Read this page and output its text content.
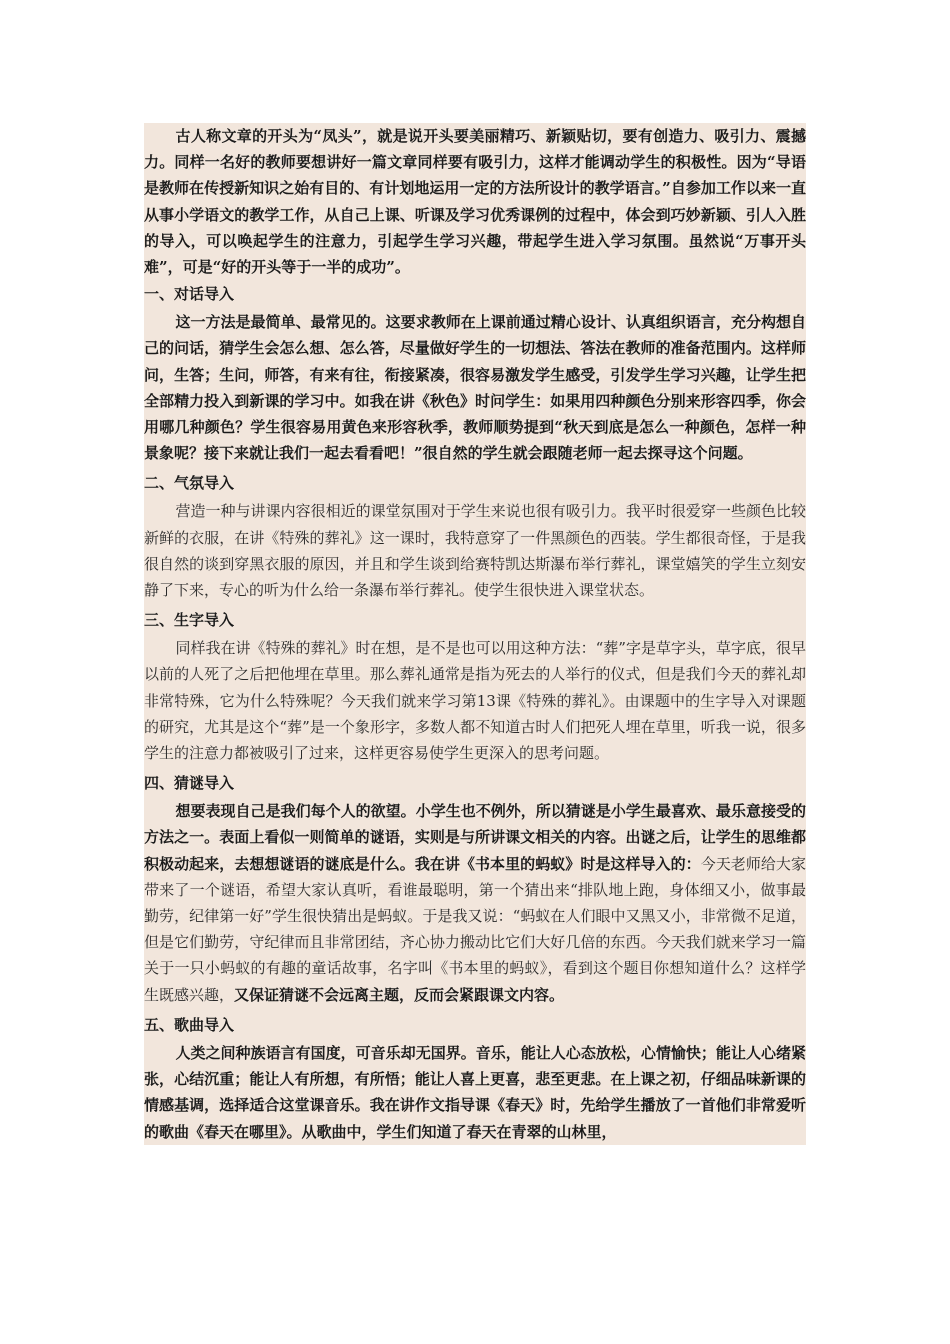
古人称文章的开头为“凤头”，就是说开头要美丽精巧、新颖贴切，要有创造力、吸引力、震撼力。同样一名好的教师要想讲好一篇文章同样要有吸引力，这样才能调动学生的积极性。因为“导语是教师在传授新知识之始有目的、有计划地运用一定的方法所设计的教学语言。”自参加工作以来一直从事小学语文的教学工作，从自己上课、听课及学习优秀课例的过程中，体会到巧妙新颖、引人入胜的导入，可以唤起学生的注意力，引起学生学习兴趣，带起学生进入学习氛围。虽然说“万事开头难”，可是“好的开头等于一半的成功”。

一、对话导入

这一方法是最简单、最常见的。这要求教师在上课前通过精心设计、认真组织语言，充分构想自己的问话，猜学生会怎么想、怎么答，尽量做好学生的一切想法、答法在教师的准备范围内。这样师问，生答；生问，师答，有来有往，衔接紧凑，很容易激发学生感受，引发学生学习兴趣，让学生把全部精力投入到新课的学习中。如我在讲《秋色》时问学生：如果用四种颜色分别来形容四季，你会用哪几种颜色？学生很容易用黄色来形容秋季，教师顺势提到“秋天到底是怎么一种颜色，怎样一种景象呢？接下来就让我们一起去看看吧！”很自然的学生就会跟随老师一起去探寻这个问题。

二、气氛导入

营造一种与讲课内容很相近的课堂氛围对于学生来说也很有吸引力。我平时很爱穿一些颜色比较新鲜的衣服，在讲《特殊的葬礼》这一课时，我特意穿了一件黑颜色的西装。学生都很奇怪，于是我很自然的谈到穿黑衣服的原因，并且和学生谈到给赛特凯达斯瀑布举行葬礼，课堂嬉笑的学生立刻安静了下来，专心的听为什么给一条瀑布举行葬礼。使学生很快进入课堂状态。

三、生字导入

同样我在讲《特殊的葬礼》时在想，是不是也可以用这种方法：“葬”字是草字头，草字底，很早以前的人死了之后把他埋在草里。那么葬礼通常是指为死去的人举行的仪式，但是我们今天的葬礼却非常特殊，它为什么特殊呢？今天我们就来学习第13课《特殊的葬礼》。由课题中的生字导入对课题的研究，尤其是这个“葬”是一个象形字，多数人都不知道古时人们把死人埋在草里，听我一说，很多学生的注意力都被吸引了过来，这样更容易使学生更深入的思考问题。

四、猜谜导入

想要表现自己是我们每个人的欲望。小学生也不例外，所以猜谜是小学生最喜欢、最乐意接受的方法之一。表面上看似一则简单的谜语，实则是与所讲课文相关的内容。出谜之后，让学生的思维都积极动起来，去想想谜语的谜底是什么。我在讲《书本里的蚂蚁》时是这样导入的：今天老师给大家带来了一个谜语，希望大家认真听，看谁最聪明，第一个猜出来“排队地上跑，身体细又小，做事最勤劳，纪律第一好”学生很快猜出是蚂蚁。于是我又说：“蚂蚁在人们眼中又黑又小，非常微不足道，但是它们勤劳，守纪律而且非常团结，齐心协力搬动比它们大好几倍的东西。今天我们就来学习一篇关于一只小蚂蚁的有趣的童话故事，名字叫《书本里的蚂蚁》，看到这个题目你想知道什么？这样学生既感兴趣，又保证猜谜不会远离主题，反而会紧跟课文内容。

五、歌曲导入

人类之间种族语言有国度，可音乐却无国界。音乐，能让人心态放松，心情愉快；能让人心绪紧张，心结沉重；能让人有所想，有所悟；能让人喜上更喜，悲至更悲。在上课之初，仔细品味新课的情感基调，选择适合这堂课音乐。我在讲作文指导课《春天》时，先给学生播放了一首他们非常爱听的歌曲《春天在哪里》。从歌曲中，学生们知道了春天在青翠的山林里，
